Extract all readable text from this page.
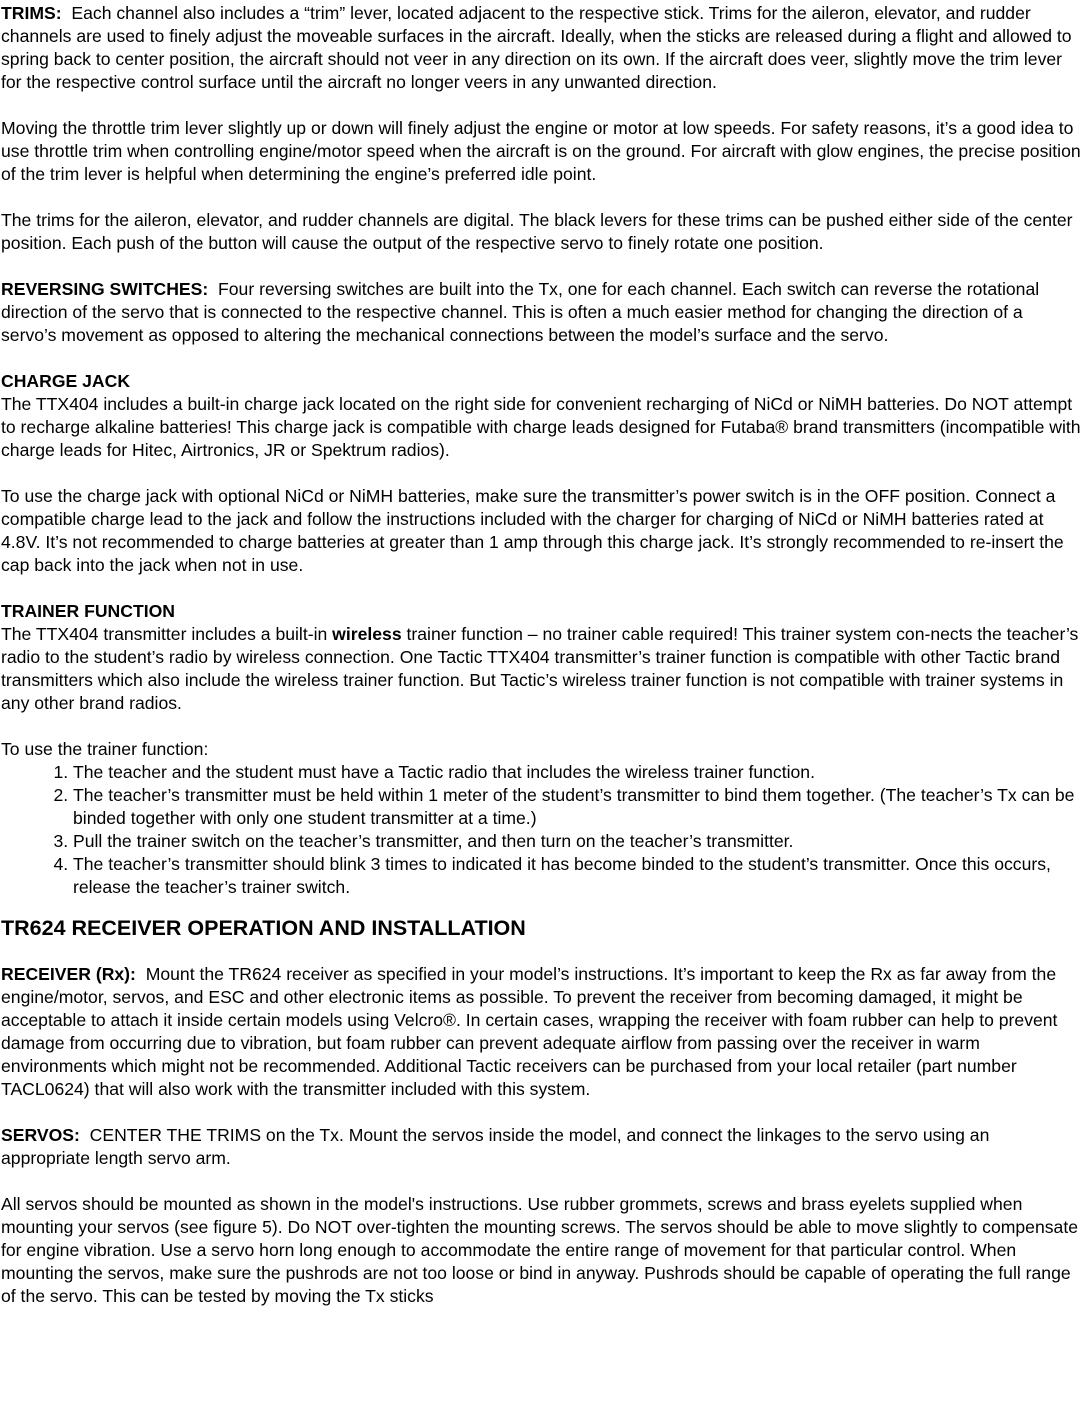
TRIMS: Each channel also includes a “trim” lever, located adjacent to the respective stick. Trims for the aileron, elevator, and rudder channels are used to finely adjust the moveable surfaces in the aircraft. Ideally, when the sticks are released during a flight and allowed to spring back to center position, the aircraft should not veer in any direction on its own. If the aircraft does veer, slightly move the trim lever for the respective control surface until the aircraft no longer veers in any unwanted direction.

Moving the throttle trim lever slightly up or down will finely adjust the engine or motor at low speeds. For safety reasons, it’s a good idea to use throttle trim when controlling engine/motor speed when the aircraft is on the ground. For aircraft with glow engines, the precise position of the trim lever is helpful when determining the engine’s preferred idle point.

The trims for the aileron, elevator, and rudder channels are digital. The black levers for these trims can be pushed either side of the center position. Each push of the button will cause the output of the respective servo to finely rotate one position.

REVERSING SWITCHES: Four reversing switches are built into the Tx, one for each channel. Each switch can reverse the rotational direction of the servo that is connected to the respective channel. This is often a much easier method for changing the direction of a servo’s movement as opposed to altering the mechanical connections between the model’s surface and the servo.

CHARGE JACK

The TTX404 includes a built-in charge jack located on the right side for convenient recharging of NiCd or NiMH batteries. Do NOT attempt to recharge alkaline batteries! This charge jack is compatible with charge leads designed for Futaba® brand transmitters (incompatible with charge leads for Hitec, Airtronics, JR or Spektrum radios).

To use the charge jack with optional NiCd or NiMH batteries, make sure the transmitter’s power switch is in the OFF position. Connect a compatible charge lead to the jack and follow the instructions included with the charger for charging of NiCd or NiMH batteries rated at 4.8V. It’s not recommended to charge batteries at greater than 1 amp through this charge jack. It’s strongly recommended to re-insert the cap back into the jack when not in use.

TRAINER FUNCTION

The TTX404 transmitter includes a built-in wireless trainer function – no trainer cable required! This trainer system con-nects the teacher’s radio to the student’s radio by wireless connection. One Tactic TTX404 transmitter’s trainer function is compatible with other Tactic brand transmitters which also include the wireless trainer function. But Tactic’s wireless trainer function is not compatible with trainer systems in any other brand radios.

To use the trainer function:

1. The teacher and the student must have a Tactic radio that includes the wireless trainer function.
2. The teacher’s transmitter must be held within 1 meter of the student’s transmitter to bind them together. (The teacher’s Tx can be binded together with only one student transmitter at a time.)
3. Pull the trainer switch on the teacher’s transmitter, and then turn on the teacher’s transmitter.
4. The teacher’s transmitter should blink 3 times to indicated it has become binded to the student’s transmitter. Once this occurs, release the teacher’s trainer switch.
TR624 RECEIVER OPERATION AND INSTALLATION

RECEIVER (Rx): Mount the TR624 receiver as specified in your model’s instructions. It’s important to keep the Rx as far away from the engine/motor, servos, and ESC and other electronic items as possible. To prevent the receiver from becoming damaged, it might be acceptable to attach it inside certain models using Velcro®. In certain cases, wrapping the receiver with foam rubber can help to prevent damage from occurring due to vibration, but foam rubber can prevent adequate airflow from passing over the receiver in warm environments which might not be recommended. Additional Tactic receivers can be purchased from your local retailer (part number TACL0624) that will also work with the transmitter included with this system.

SERVOS: CENTER THE TRIMS on the Tx. Mount the servos inside the model, and connect the linkages to the servo using an appropriate length servo arm.

All servos should be mounted as shown in the model's instructions. Use rubber grommets, screws and brass eyelets supplied when mounting your servos (see figure 5). Do NOT over-tighten the mounting screws. The servos should be able to move slightly to compensate for engine vibration. Use a servo horn long enough to accommodate the entire range of movement for that particular control. When mounting the servos, make sure the pushrods are not too loose or bind in anyway. Pushrods should be capable of operating the full range of the servo. This can be tested by moving the Tx sticks
